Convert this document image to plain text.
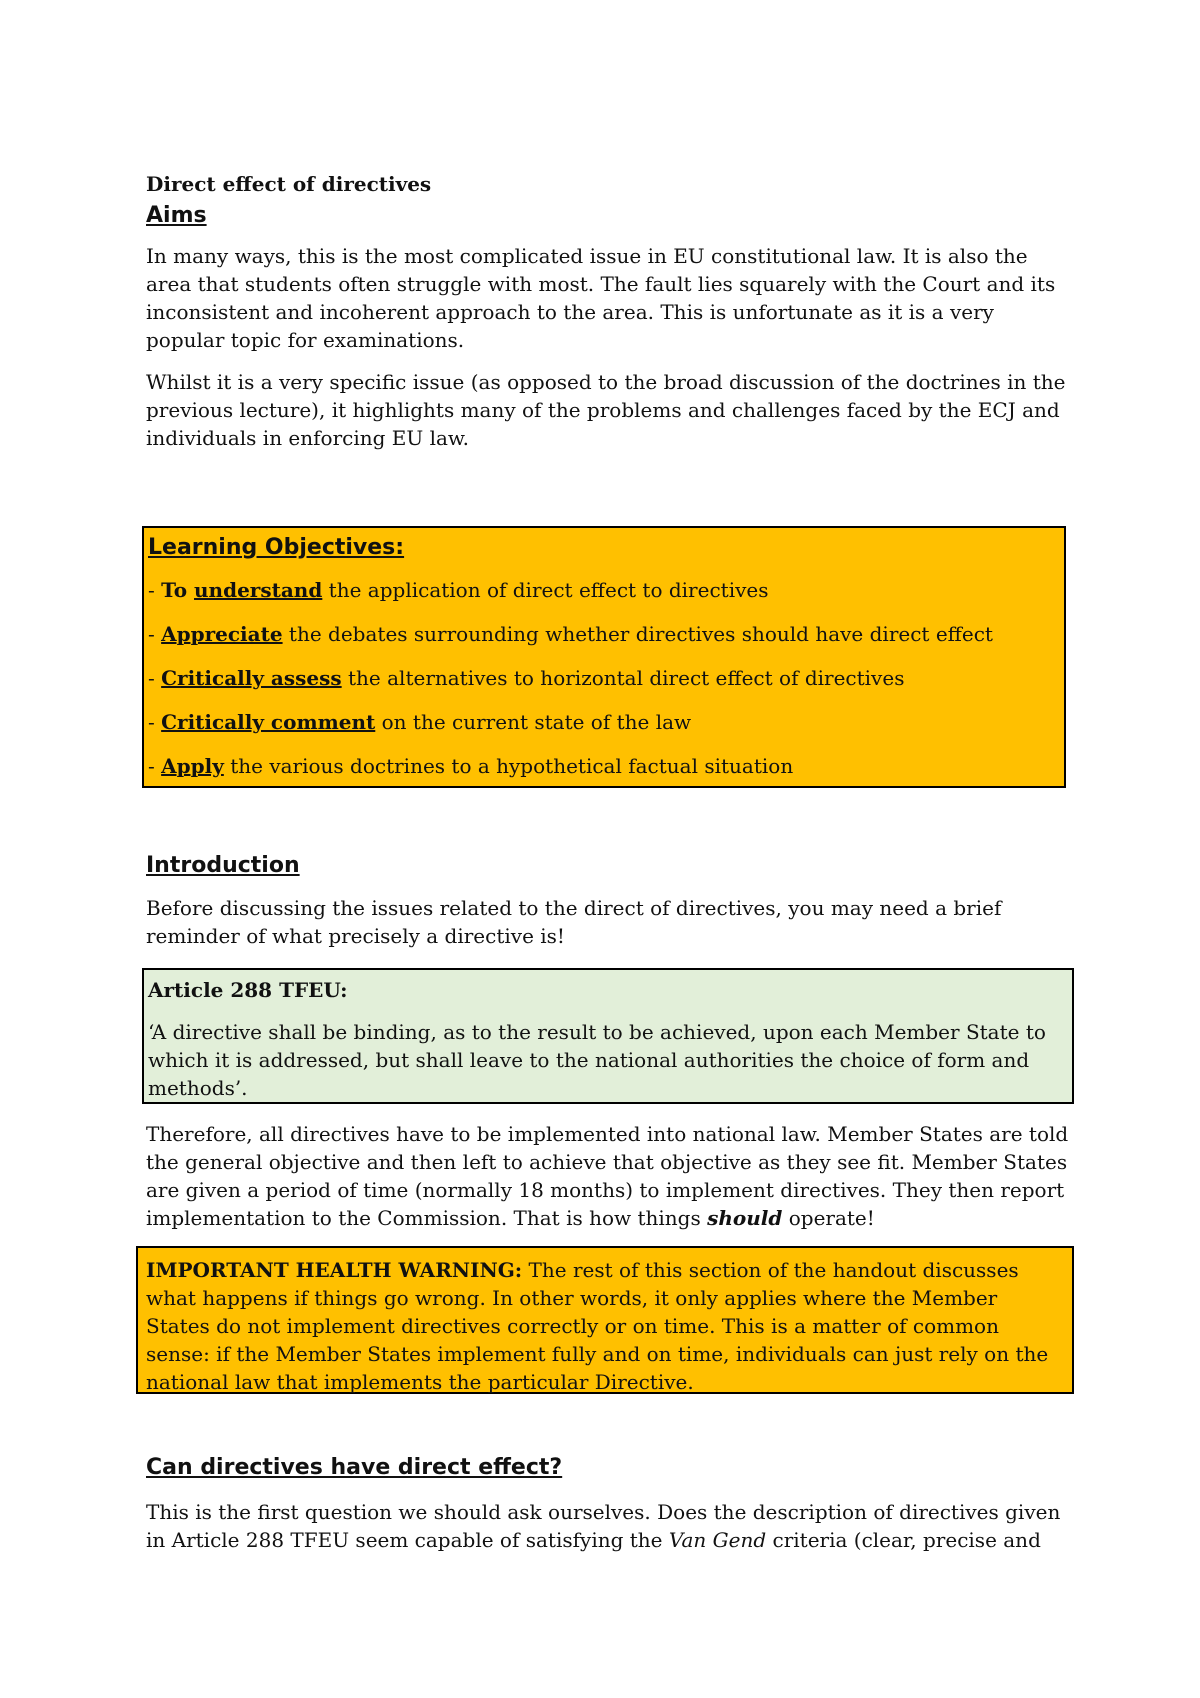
Direct effect of directives
Aims

In many ways, this is the most complicated issue in EU constitutional law. It is also the area that students often struggle with most. The fault lies squarely with the Court and its inconsistent and incoherent approach to the area. This is unfortunate as it is a very popular topic for examinations.

Whilst it is a very specific issue (as opposed to the broad discussion of the doctrines in the previous lecture), it highlights many of the problems and challenges faced by the ECJ and individuals in enforcing EU law.

Learning Objectives:
- To understand the application of direct effect to directives
- Appreciate the debates surrounding whether directives should have direct effect
- Critically assess the alternatives to horizontal direct effect of directives
- Critically comment on the current state of the law
- Apply the various doctrines to a hypothetical factual situation
Introduction

Before discussing the issues related to the direct of directives, you may need a brief reminder of what precisely a directive is!

Article 288 TFEU:

‘A directive shall be binding, as to the result to be achieved, upon each Member State to which it is addressed, but shall leave to the national authorities the choice of form and methods’.

Therefore, all directives have to be implemented into national law. Member States are told the general objective and then left to achieve that objective as they see fit. Member States are given a period of time (normally 18 months) to implement directives. They then report implementation to the Commission. That is how things should operate!

IMPORTANT HEALTH WARNING: The rest of this section of the handout discusses what happens if things go wrong. In other words, it only applies where the Member States do not implement directives correctly or on time. This is a matter of common sense: if the Member States implement fully and on time, individuals can just rely on the national law that implements the particular Directive.

Can directives have direct effect?

This is the first question we should ask ourselves. Does the description of directives given in Article 288 TFEU seem capable of satisfying the Van Gend criteria (clear, precise and
